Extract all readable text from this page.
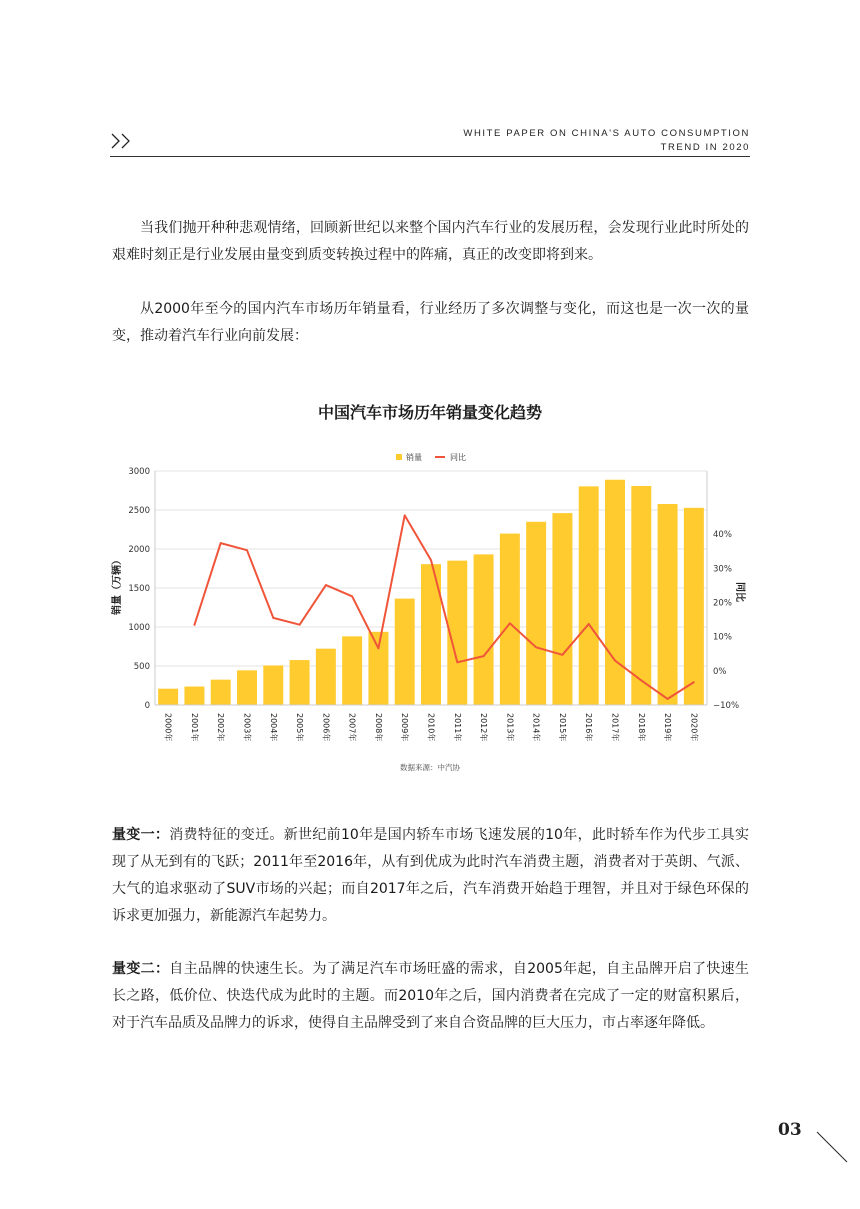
WHITE PAPER ON CHINA'S AUTO CONSUMPTION
TREND IN 2020

当我们抛开种种悲观情绪，回顾新世纪以来整个国内汽车行业的发展历程，会发现行业此时所处的艰难时刻正是行业发展由量变到质变转换过程中的阵痛，真正的改变即将到来。

从2000年至今的国内汽车市场历年销量看，行业经历了多次调整与变化，而这也是一次一次的量变，推动着汽车行业向前发展：

中国汽车市场历年销量变化趋势
销量	同比
0
500
1000
1500
2000
2500
3000
−10%
0%
10%
20%
30%
40%
2000年 2001年 2002年 2003年 2004年 2005年 2006年 2007年 2008年 2009年 2010年 2011年 2012年 2013年 2014年 2015年 2016年 2017年 2018年 2019年 2020年
销量（万辆）	同比
数据来源：中汽协

量变一：消费特征的变迁。新世纪前10年是国内轿车市场飞速发展的10年，此时轿车作为代步工具实现了从无到有的飞跃；2011年至2016年，从有到优成为此时汽车消费主题，消费者对于英朗、气派、大气的追求驱动了SUV市场的兴起；而自2017年之后，汽车消费开始趋于理智，并且对于绿色环保的诉求更加强力，新能源汽车起势力。

量变二：自主品牌的快速生长。为了满足汽车市场旺盛的需求，自2005年起，自主品牌开启了快速生长之路，低价位、快迭代成为此时的主题。而2010年之后，国内消费者在完成了一定的财富积累后，对于汽车品质及品牌力的诉求，使得自主品牌受到了来自合资品牌的巨大压力，市占率逐年降低。

03
